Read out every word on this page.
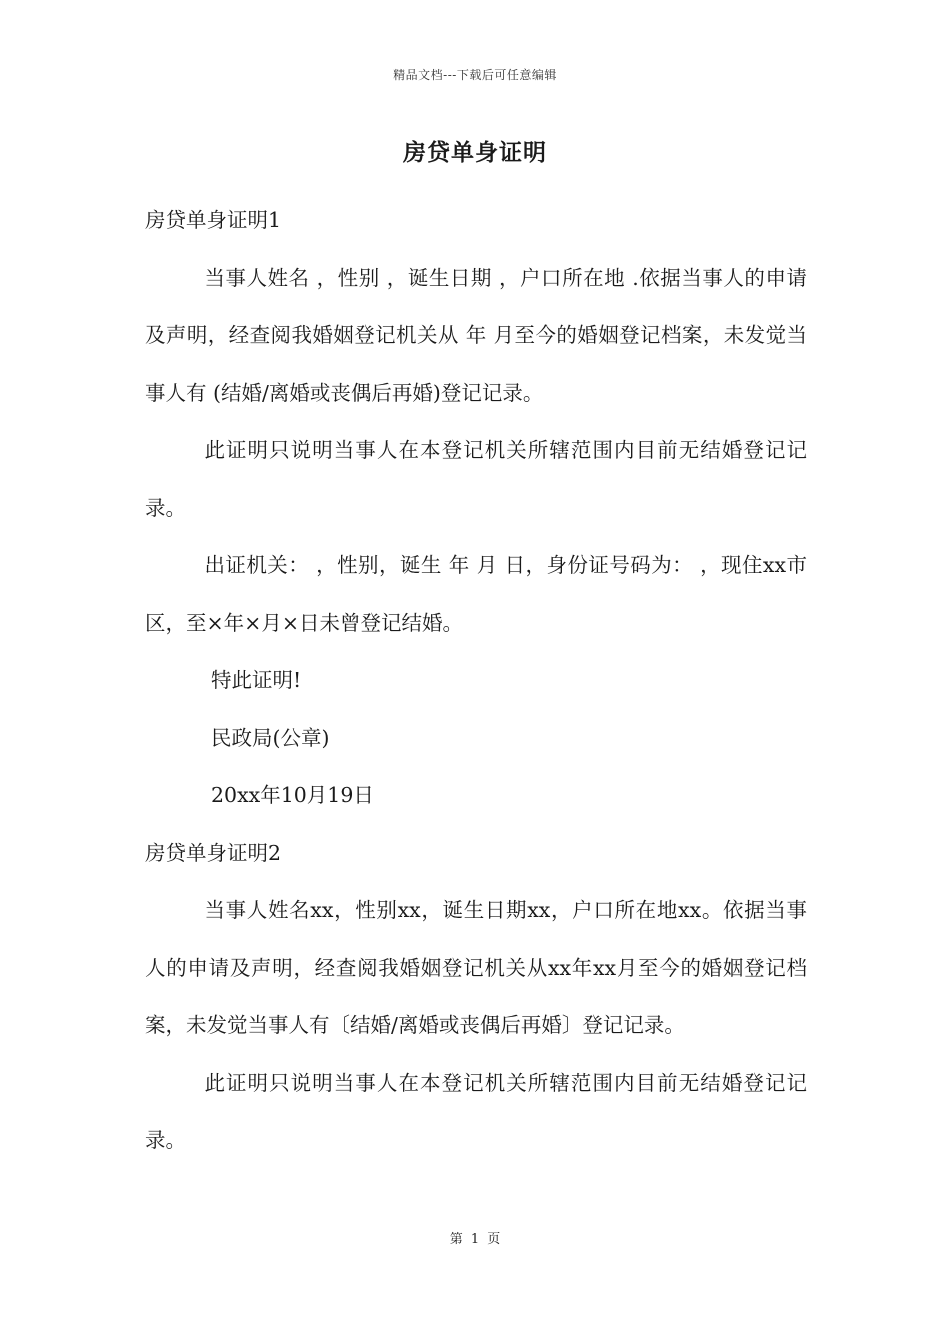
精品文档---下载后可任意编辑
房贷单身证明

房贷单身证明1

当事人姓名 ，性别 ，诞生日期 ，户口所在地 .依据当事人的申请及声明，经查阅我婚姻登记机关从 年 月至今的婚姻登记档案，未发觉当事人有 (结婚/离婚或丧偶后再婚)登记记录。

此证明只说明当事人在本登记机关所辖范围内目前无结婚登记记录。

出证机关： ，性别，诞生 年 月 日，身份证号码为： ，现住xx市区，至×年×月×日未曾登记结婚。

特此证明!

民政局(公章)

20xx年10月19日

房贷单身证明2

当事人姓名xx，性别xx，诞生日期xx，户口所在地xx。依据当事人的申请及声明，经查阅我婚姻登记机关从xx年xx月至今的婚姻登记档案，未发觉当事人有〔结婚/离婚或丧偶后再婚〕登记记录。

此证明只说明当事人在本登记机关所辖范围内目前无结婚登记记录。

第 1 页
